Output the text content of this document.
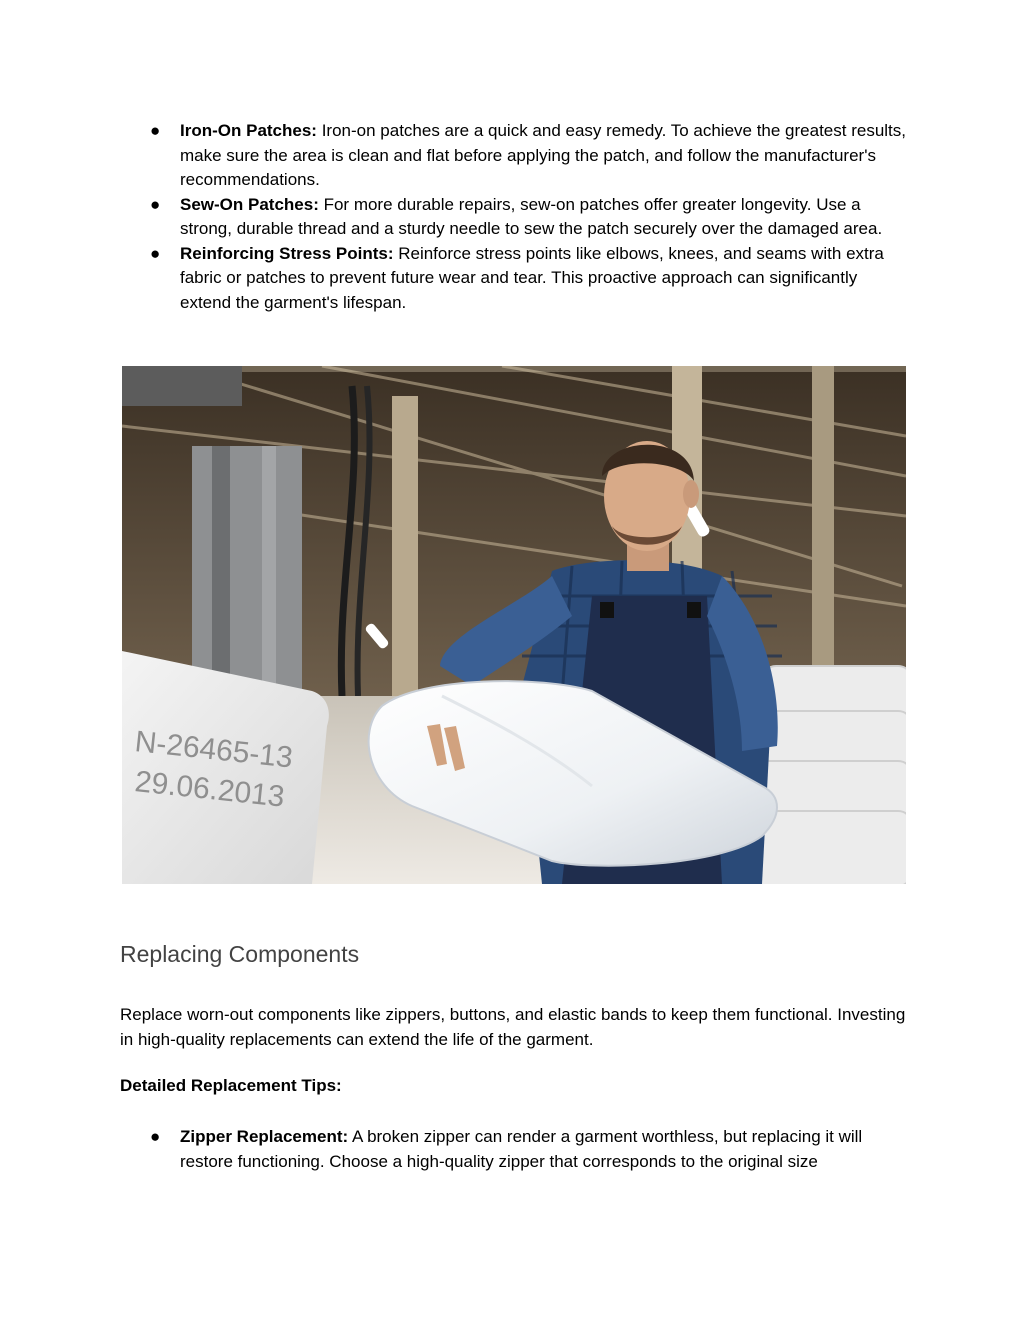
● Iron-On Patches: Iron-on patches are a quick and easy remedy. To achieve the greatest results, make sure the area is clean and flat before applying the patch, and follow the manufacturer's recommendations.
● Sew-On Patches: For more durable repairs, sew-on patches offer greater longevity. Use a strong, durable thread and a sturdy needle to sew the patch securely over the damaged area.
● Reinforcing Stress Points: Reinforce stress points like elbows, knees, and seams with extra fabric or patches to prevent future wear and tear. This proactive approach can significantly extend the garment's lifespan.
N-26465-13
29.06.2013
Replacing Components

Replace worn-out components like zippers, buttons, and elastic bands to keep them functional. Investing in high-quality replacements can extend the life of the garment.

Detailed Replacement Tips:

● Zipper Replacement: A broken zipper can render a garment worthless, but replacing it will restore functioning. Choose a high-quality zipper that corresponds to the original size
